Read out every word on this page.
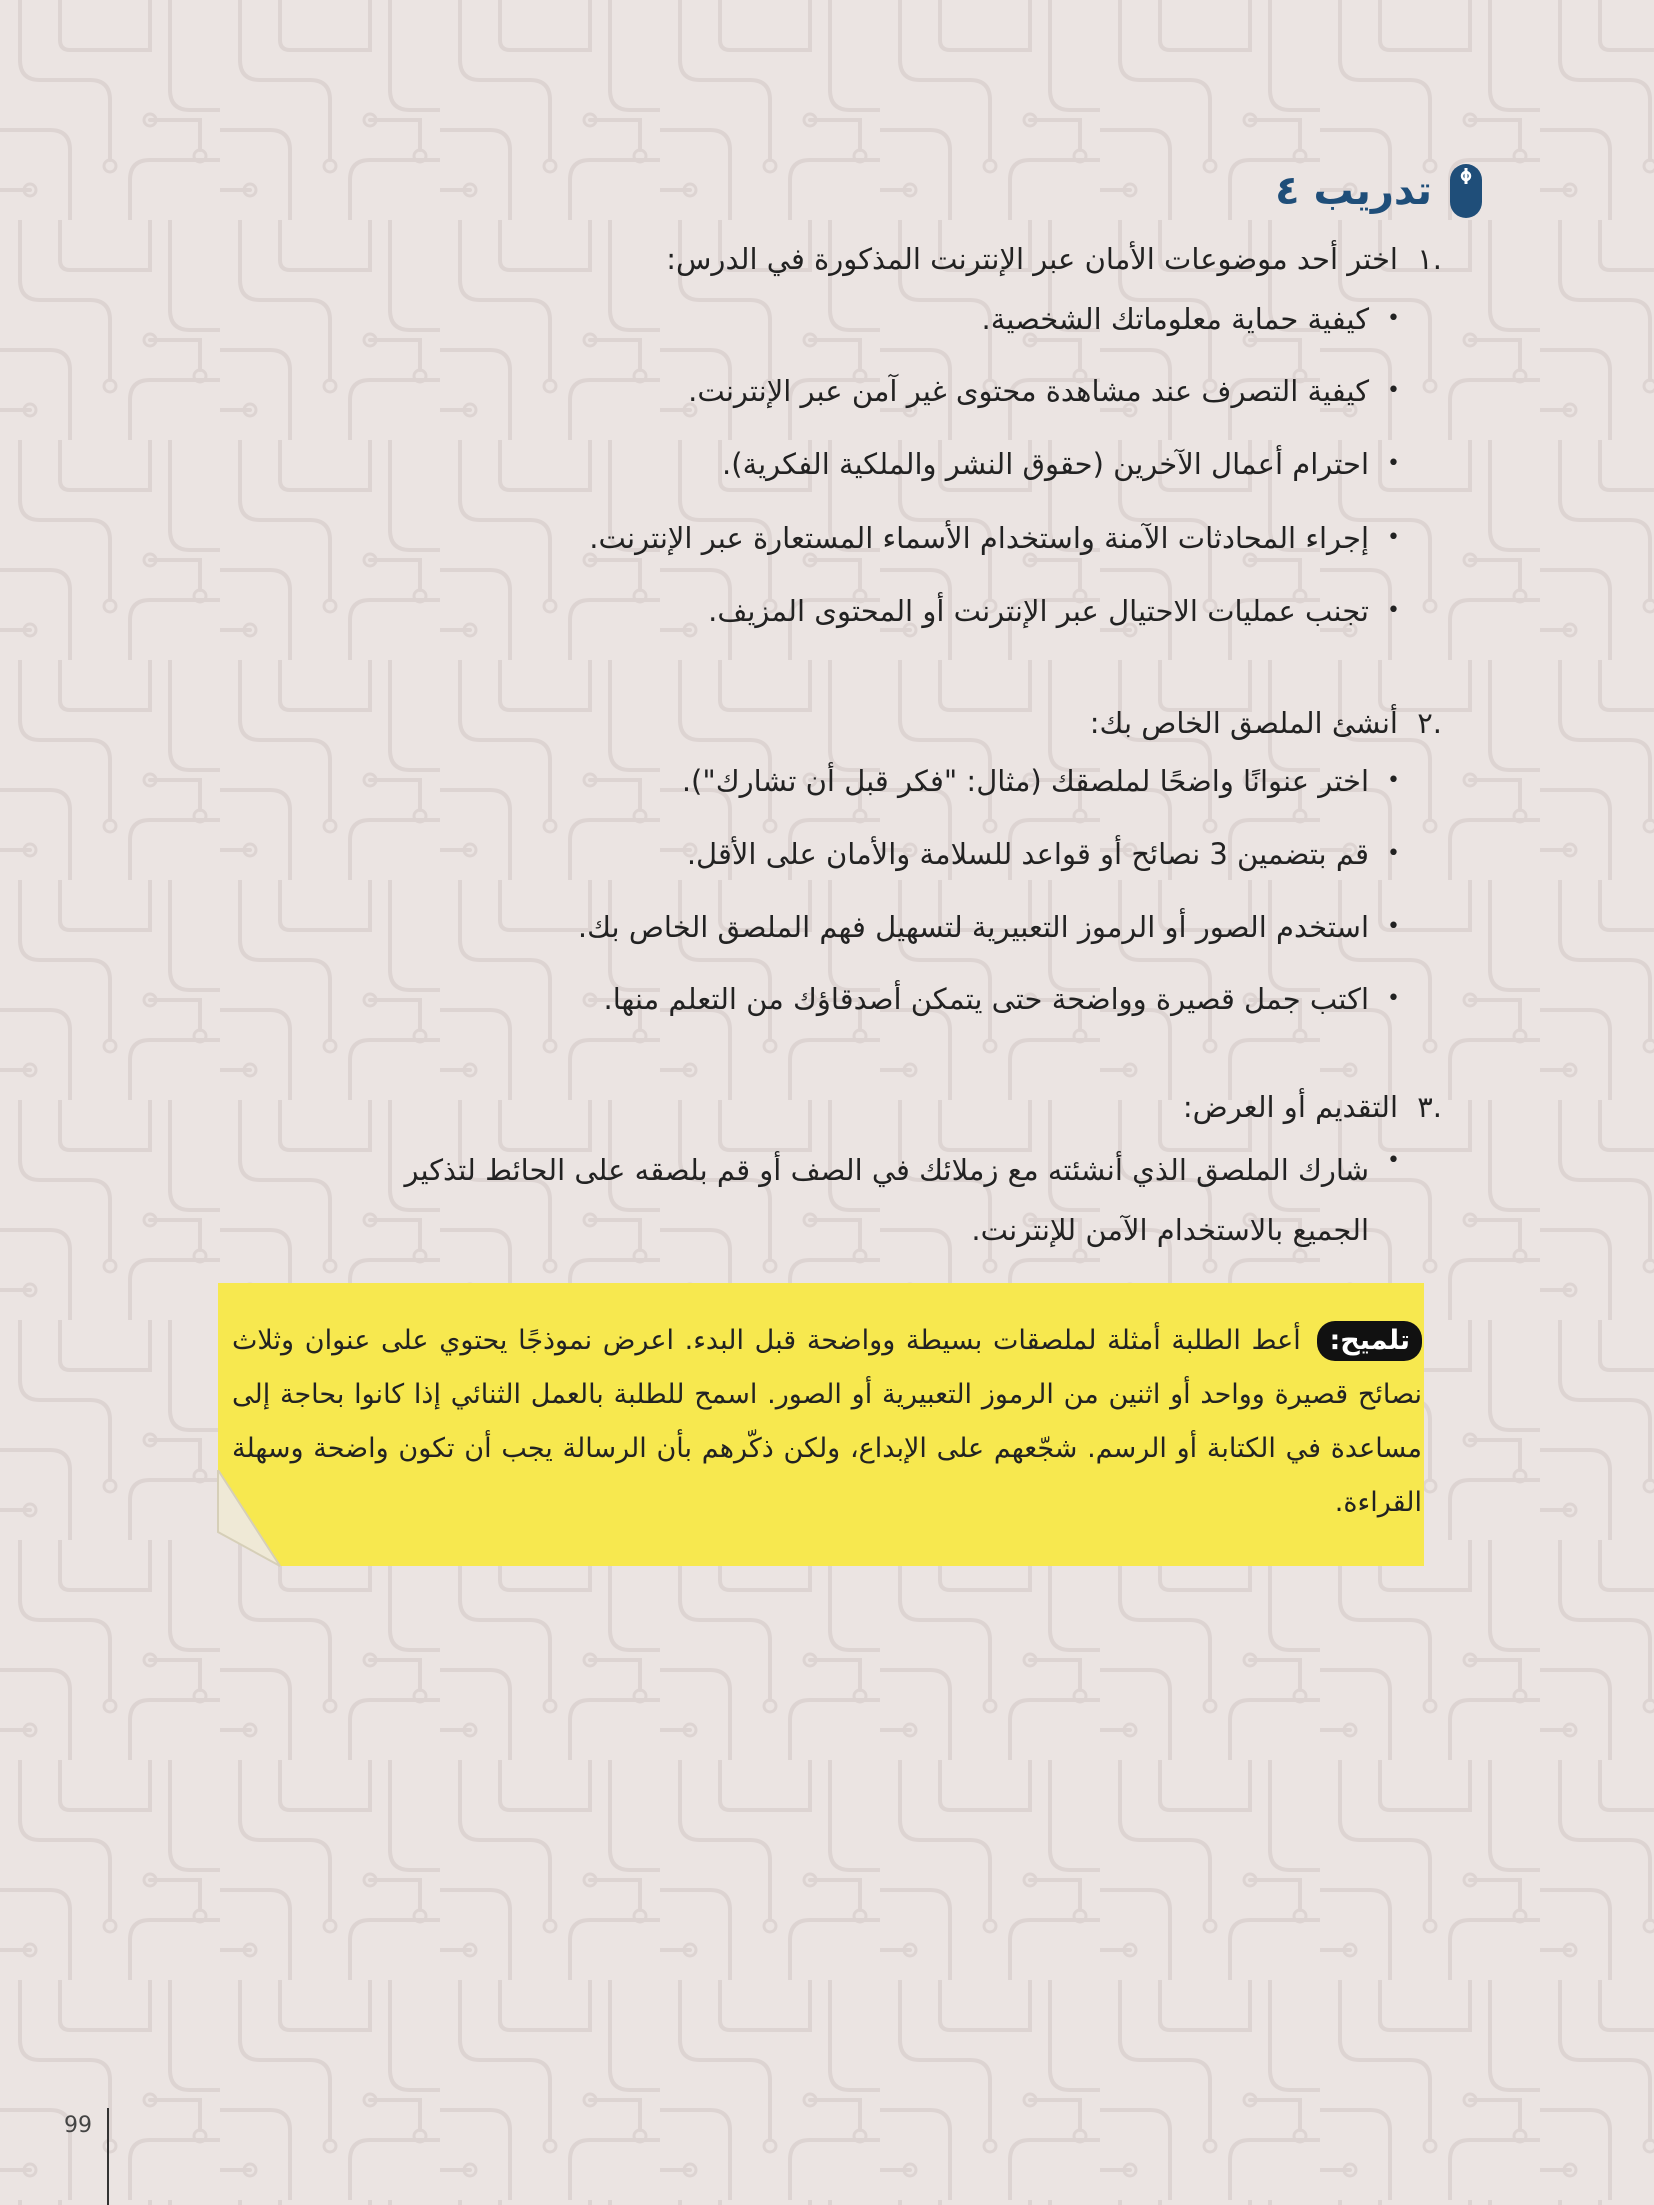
تدريب ٤
.١
اختر أحد موضوعات الأمان عبر الإنترنت المذكورة في الدرس:
•
كيفية حماية معلوماتك الشخصية.
•
كيفية التصرف عند مشاهدة محتوى غير آمن عبر الإنترنت.
•
احترام أعمال الآخرين (حقوق النشر والملكية الفكرية).
•
إجراء المحادثات الآمنة واستخدام الأسماء المستعارة عبر الإنترنت.
•
تجنب عمليات الاحتيال عبر الإنترنت أو المحتوى المزيف.
.٢
أنشئ الملصق الخاص بك:
•
اختر عنوانًا واضحًا لملصقك (مثال: "فكر قبل أن تشارك").
•
قم بتضمين 3 نصائح أو قواعد للسلامة والأمان على الأقل.
•
استخدم الصور أو الرموز التعبيرية لتسهيل فهم الملصق الخاص بك.
•
اكتب جمل قصيرة وواضحة حتى يتمكن أصدقاؤك من التعلم منها.
.٣
التقديم أو العرض:
•
شارك الملصق الذي أنشئته مع زملائك في الصف أو قم بلصقه على الحائط لتذكير الجميع بالاستخدام الآمن للإنترنت.
تلميح: أعط الطلبة أمثلة لملصقات بسيطة وواضحة قبل البدء. اعرض نموذجًا يحتوي على عنوان وثلاث نصائح قصيرة وواحد أو اثنين من الرموز التعبيرية أو الصور. اسمح للطلبة بالعمل الثنائي إذا كانوا بحاجة إلى مساعدة في الكتابة أو الرسم. شجّعهم على الإبداع، ولكن ذكّرهم بأن الرسالة يجب أن تكون واضحة وسهلة القراءة.
99
